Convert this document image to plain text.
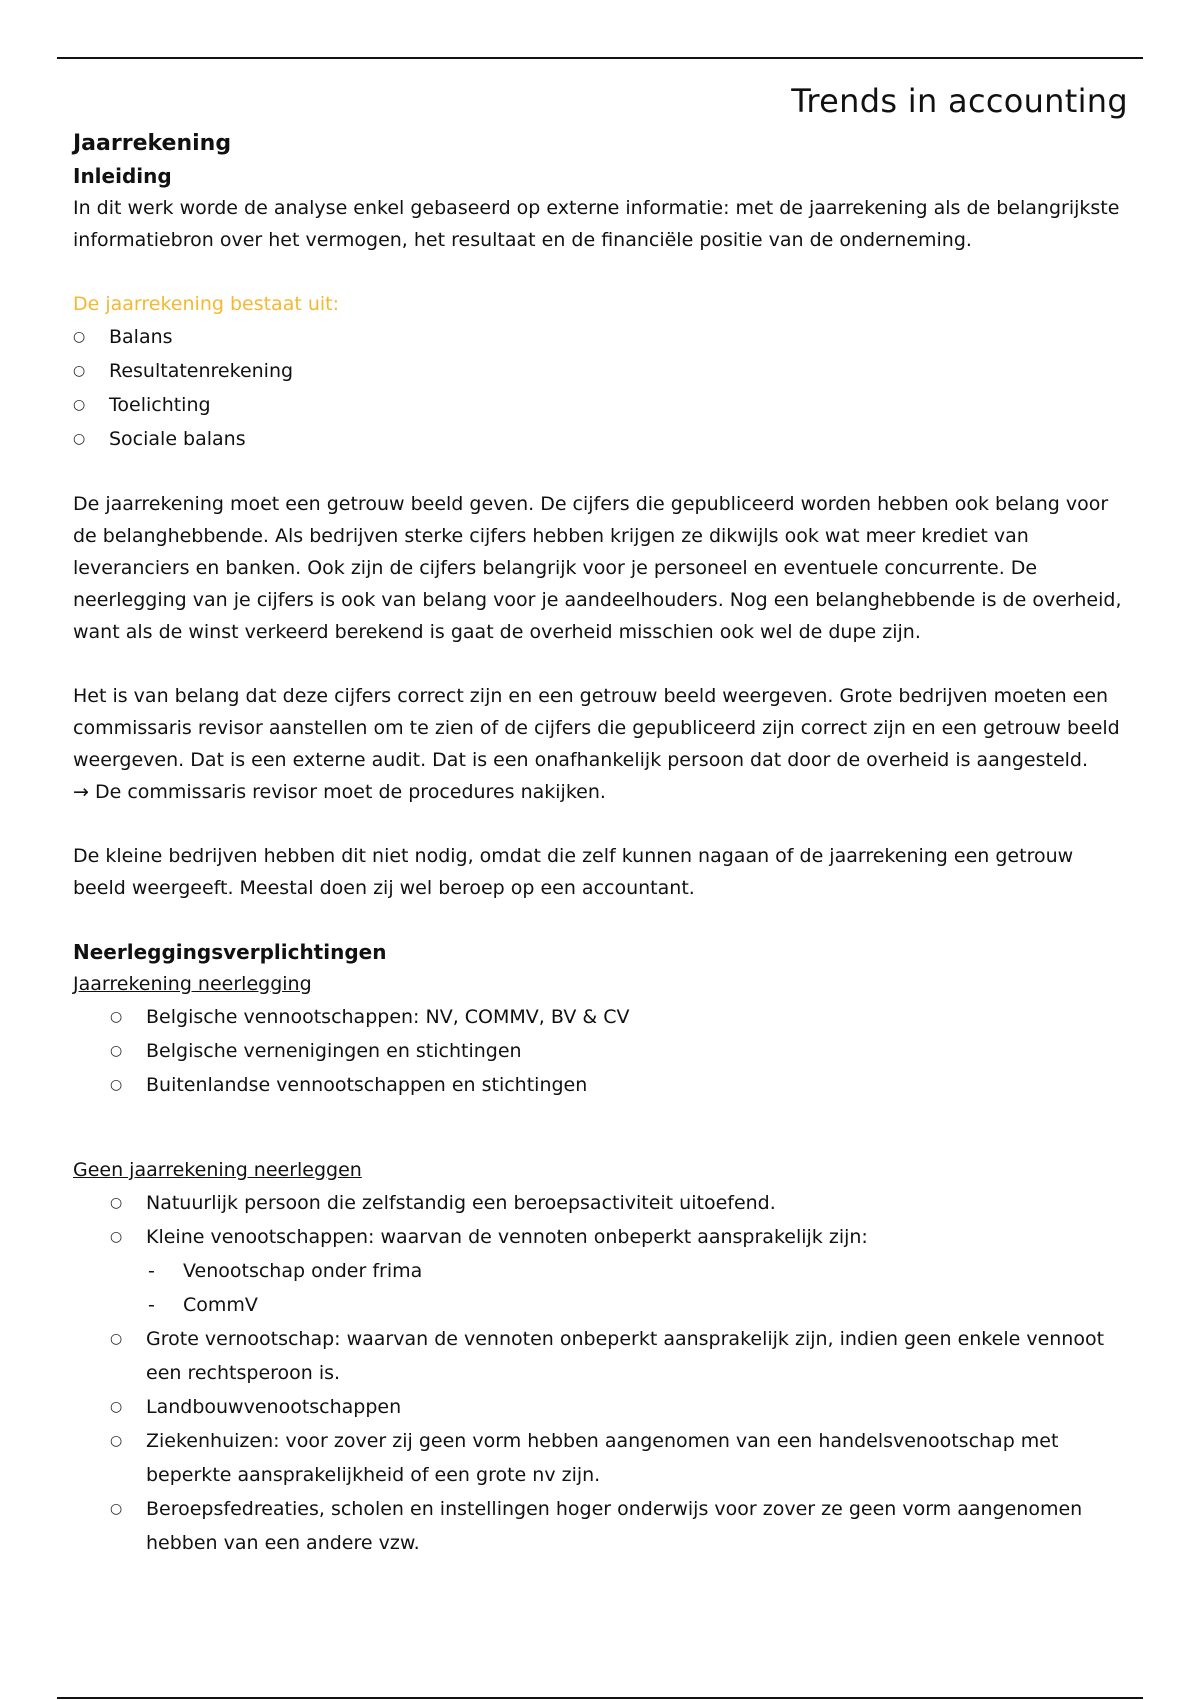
Trends in accounting
Jaarrekening
Inleiding

In dit werk worde de analyse enkel gebaseerd op externe informatie: met de jaarrekening als de belangrijkste informatiebron over het vermogen, het resultaat en de financiële positie van de onderneming.

De jaarrekening bestaat uit:
○	Balans
○	Resultatenrekening
○	Toelichting
○	Sociale balans

De jaarrekening moet een getrouw beeld geven. De cijfers die gepubliceerd worden hebben ook belang voor de belanghebbende. Als bedrijven sterke cijfers hebben krijgen ze dikwijls ook wat meer krediet van leveranciers en banken. Ook zijn de cijfers belangrijk voor je personeel en eventuele concurrente. De neerlegging van je cijfers is ook van belang voor je aandeelhouders. Nog een belanghebbende is de overheid, want als de winst verkeerd berekend is gaat de overheid misschien ook wel de dupe zijn.

Het is van belang dat deze cijfers correct zijn en een getrouw beeld weergeven. Grote bedrijven moeten een commissaris revisor aanstellen om te zien of de cijfers die gepubliceerd zijn correct zijn en een getrouw beeld weergeven. Dat is een externe audit. Dat is een onafhankelijk persoon dat door de overheid is aangesteld.

→ De commissaris revisor moet de procedures nakijken.

De kleine bedrijven hebben dit niet nodig, omdat die zelf kunnen nagaan of de jaarrekening een getrouw beeld weergeeft. Meestal doen zij wel beroep op een accountant.

Neerleggingsverplichtingen
Jaarrekening neerlegging
○	Belgische vennootschappen: NV, COMMV, BV & CV
○	Belgische vernenigingen en stichtingen
○	Buitenlandse vennootschappen en stichtingen
Geen jaarrekening neerleggen
○	Natuurlijk persoon die zelfstandig een beroepsactiviteit uitoefend.
○	Kleine venootschappen: waarvan de vennoten onbeperkt aansprakelijk zijn:
- Venootschap onder frima
- CommV
○	Grote vernootschap: waarvan de vennoten onbeperkt aansprakelijk zijn, indien geen enkele vennoot een rechtsperoon is.
○	Landbouwvenootschappen
○	Ziekenhuizen: voor zover zij geen vorm hebben aangenomen van een handelsvenootschap met beperkte aansprakelijkheid of een grote nv zijn.
○	Beroepsfedreaties, scholen en instellingen hoger onderwijs voor zover ze geen vorm aangenomen hebben van een andere vzw.
